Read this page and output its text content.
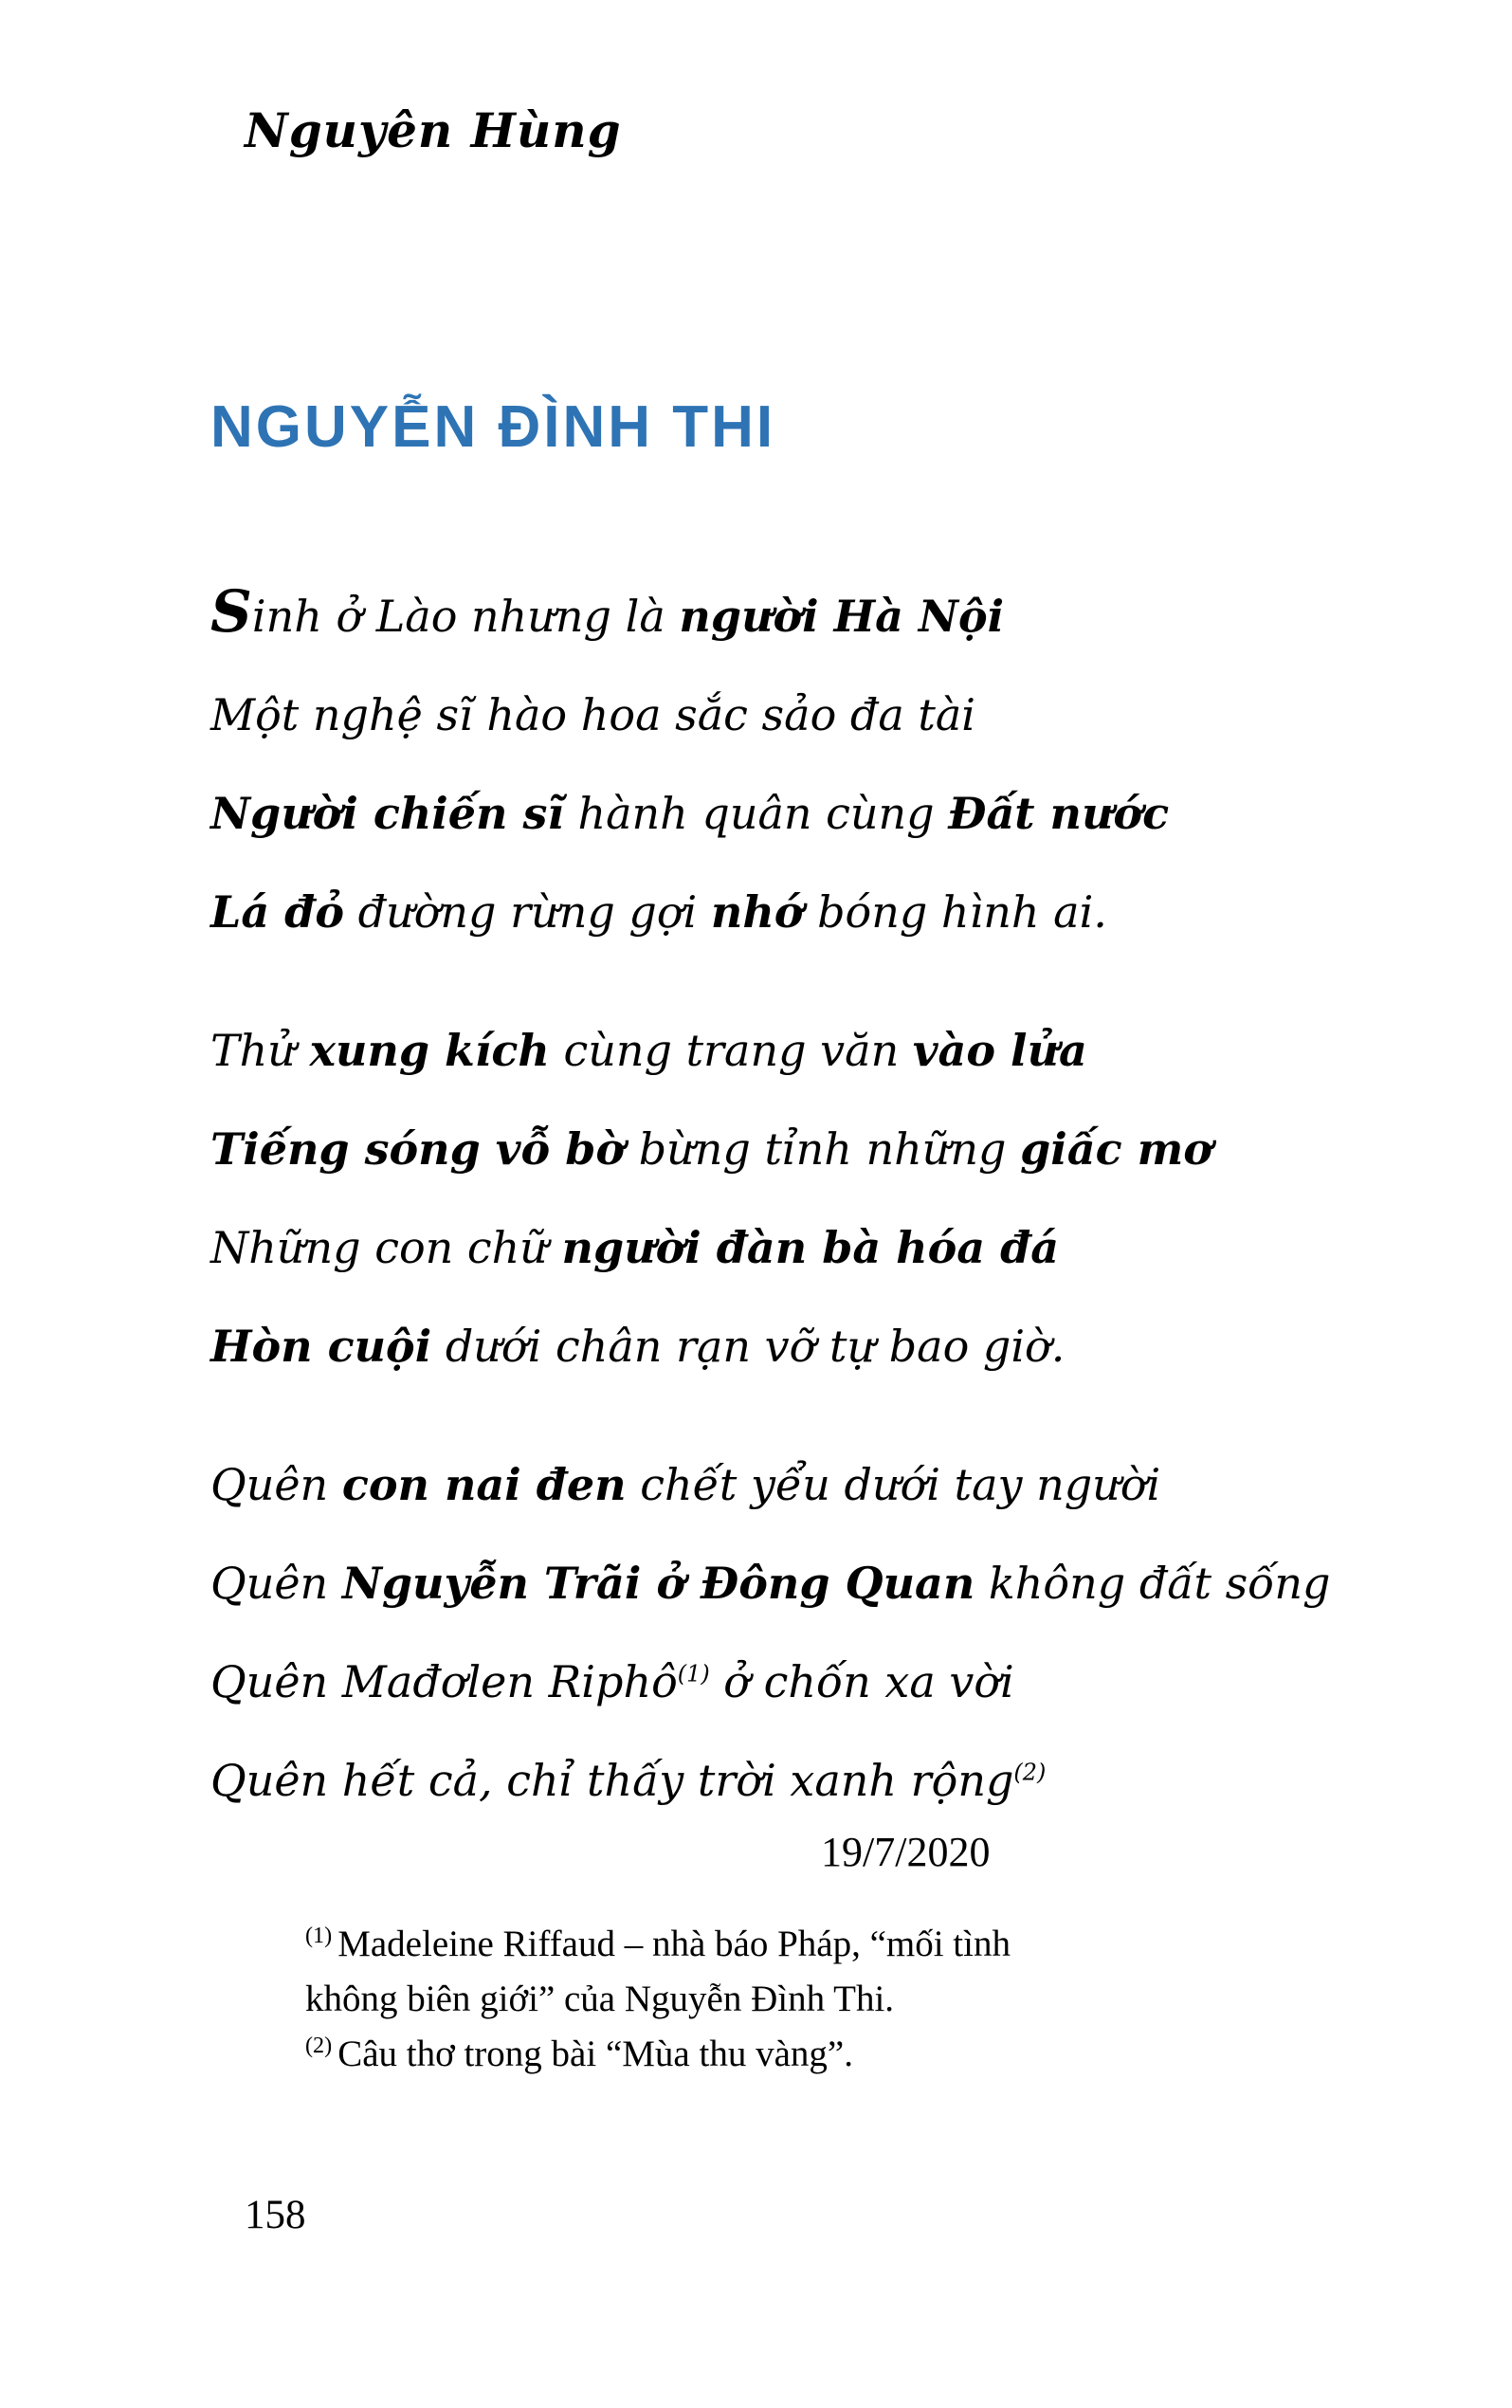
Nguyên Hùng
NGUYỄN ĐÌNH THI
Sinh ở Lào nhưng là người Hà Nội
Một nghệ sĩ hào hoa sắc sảo đa tài
Người chiến sĩ hành quân cùng Đất nước
Lá đỏ đường rừng gợi nhớ bóng hình ai.
Thử xung kích cùng trang văn vào lửa
Tiếng sóng vỗ bờ bừng tỉnh những giấc mơ
Những con chữ người đàn bà hóa đá
Hòn cuội dưới chân rạn vỡ tự bao giờ.
Quên con nai đen chết yểu dưới tay người
Quên Nguyễn Trãi ở Đông Quan không đất sống
Quên Mađơlen Riphô$^{(1)}$ ở chốn xa vời
Quên hết cả, chỉ thấy trời xanh rộng$^{(2)}$
19/7/2020
$^{(1)}$ Madeleine Riffaud – nhà báo Pháp, “mối tình
không biên giới” của Nguyễn Đình Thi.
$^{(2)}$ Câu thơ trong bài “Mùa thu vàng”.
158
